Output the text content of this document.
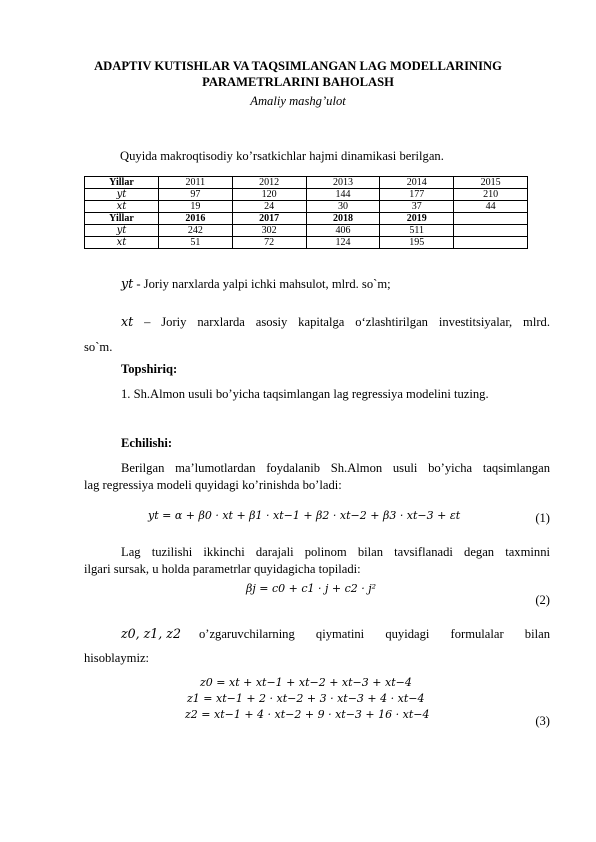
ADAPTIV KUTISHLAR VA TAQSIMLANGAN LAG MODELLARINING PARAMETRLARINI BAHOLASH
Amaliy mashg’ulot
Quyida makroqtisodiy ko’rsatkichlar hajmi dinamikasi berilgan.
Yillar	2011	2012	2013	2014	2015
yt	97	120	144	177	210
xt	19	24	30	37	44
Yillar	2016	2017	2018	2019	
yt	242	302	406	511	
xt	51	72	124	195	
yt - Joriy narxlarda yalpi ichki mahsulot, mlrd. so`m;
xt – Joriy narxlarda asosiy kapitalga o‘zlashtirilgan investitsiyalar, mlrd.
so`m.
Topshiriq:
1. Sh.Almon usuli bo’yicha taqsimlangan lag regressiya modelini tuzing.
Echilishi:
Berilgan ma’lumotlardan foydalanib Sh.Almon usuli bo’yicha taqsimlangan
lag regressiya modeli quyidagi ko’rinishda bo’ladi:
yt = α + β0 · xt + β1 · xt−1 + β2 · xt−2 + β3 · xt−3 + εt	(1)
Lag tuzilishi ikkinchi darajali polinom bilan tavsiflanadi degan taxminni
ilgari sursak, u holda parametrlar quyidagicha topiladi:
βj = c0 + c1 · j + c2 · j²
(2)
z0, z1, z2 o’zgaruvchilarning qiymatini quyidagi formulalar bilan
hisoblaymiz:
z0 = xt + xt−1 + xt−2 + xt−3 + xt−4
z1 = xt−1 + 2 · xt−2 + 3 · xt−3 + 4 · xt−4
z2 = xt−1 + 4 · xt−2 + 9 · xt−3 + 16 · xt−4	(3)
